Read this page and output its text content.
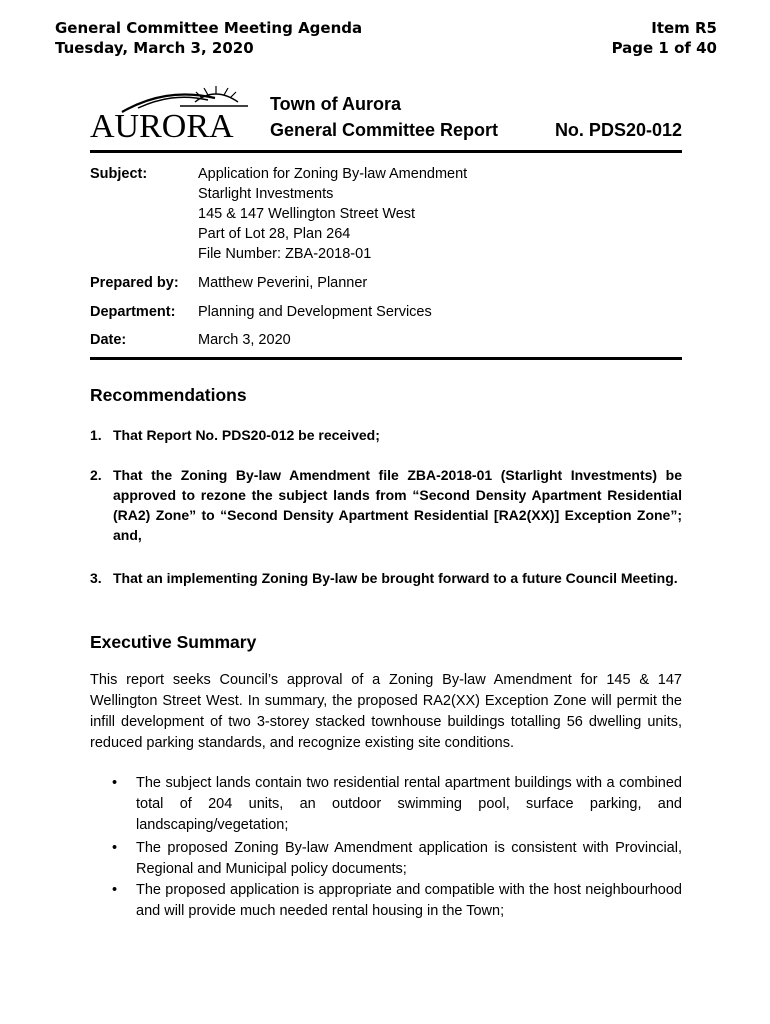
General Committee Meeting Agenda
Tuesday, March 3, 2020
Item R5
Page 1 of 40
AURORA
Town of Aurora
General Committee Report	No. PDS20-012
Subject:	Application for Zoning By-law Amendment
Starlight Investments
145 & 147 Wellington Street West
Part of Lot 28, Plan 264
File Number: ZBA-2018-01
Prepared by: Matthew Peverini, Planner
Department: Planning and Development Services
Date:	March 3, 2020
Recommendations
1. That Report No. PDS20-012 be received;
2. That the Zoning By-law Amendment file ZBA-2018-01 (Starlight Investments) be approved to rezone the subject lands from “Second Density Apartment Residential (RA2) Zone” to “Second Density Apartment Residential [RA2(XX)] Exception Zone”; and,
3. That an implementing Zoning By-law be brought forward to a future Council Meeting.
Executive Summary
This report seeks Council’s approval of a Zoning By-law Amendment for 145 & 147 Wellington Street West. In summary, the proposed RA2(XX) Exception Zone will permit the infill development of two 3-storey stacked townhouse buildings totalling 56 dwelling units, reduced parking standards, and recognize existing site conditions.
• The subject lands contain two residential rental apartment buildings with a combined total of 204 units, an outdoor swimming pool, surface parking, and landscaping/vegetation;
• The proposed Zoning By-law Amendment application is consistent with Provincial, Regional and Municipal policy documents;
• The proposed application is appropriate and compatible with the host neighbourhood and will provide much needed rental housing in the Town;
